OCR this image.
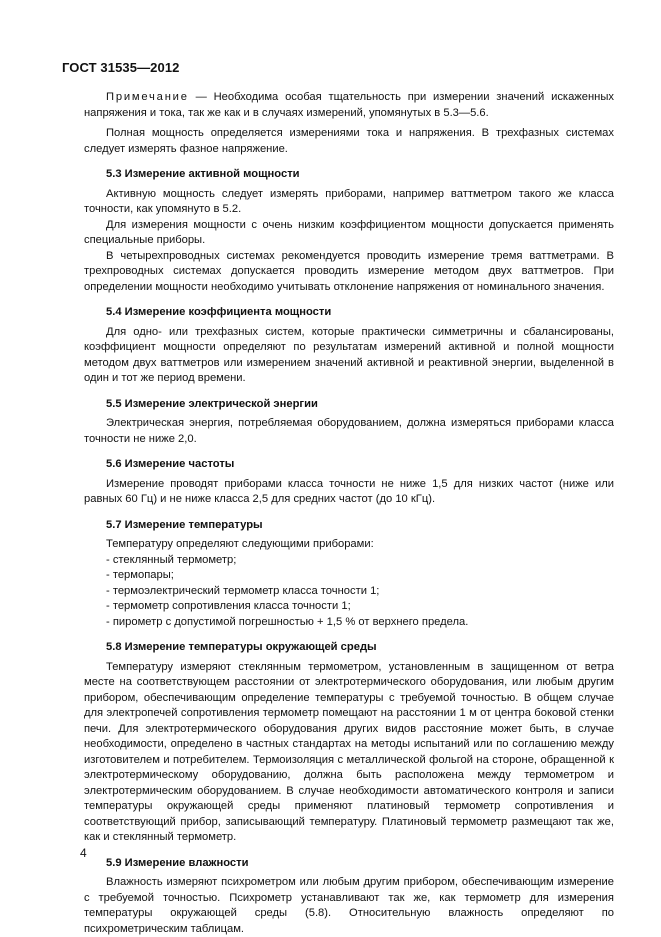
ГОСТ 31535—2012

Примечание — Необходима особая тщательность при измерении значений искаженных напряжения и тока, так же как и в случаях измерений, упомянутых в 5.3—5.6.

Полная мощность определяется измерениями тока и напряжения. В трехфазных системах следует измерять фазное напряжение.

5.3 Измерение активной мощности

Активную мощность следует измерять приборами, например ваттметром такого же класса точности, как упомянуто в 5.2.

Для измерения мощности с очень низким коэффициентом мощности допускается применять специальные приборы.

В четырехпроводных системах рекомендуется проводить измерение тремя ваттметрами. В трехпроводных системах допускается проводить измерение методом двух ваттметров. При определении мощности необходимо учитывать отклонение напряжения от номинального значения.

5.4 Измерение коэффициента мощности

Для одно- или трехфазных систем, которые практически симметричны и сбалансированы, коэффициент мощности определяют по результатам измерений активной и полной мощности методом двух ваттметров или измерением значений активной и реактивной энергии, выделенной в один и тот же период времени.

5.5 Измерение электрической энергии

Электрическая энергия, потребляемая оборудованием, должна измеряться приборами класса точности не ниже 2,0.

5.6 Измерение частоты

Измерение проводят приборами класса точности не ниже 1,5 для низких частот (ниже или равных 60 Гц) и не ниже класса 2,5 для средних частот (до 10 кГц).

5.7 Измерение температуры

Температуру определяют следующими приборами:

- стеклянный термометр;
- термопары;
- термоэлектрический термометр класса точности 1;
- термометр сопротивления класса точности 1;
- пирометр с допустимой погрешностью + 1,5 % от верхнего предела.
5.8 Измерение температуры окружающей среды

Температуру измеряют стеклянным термометром, установленным в защищенном от ветра месте на соответствующем расстоянии от электротермического оборудования, или любым другим прибором, обеспечивающим определение температуры с требуемой точностью. В общем случае для электропечей сопротивления термометр помещают на расстоянии 1 м от центра боковой стенки печи. Для электротермического оборудования других видов расстояние может быть, в случае необходимости, определено в частных стандартах на методы испытаний или по соглашению между изготовителем и потребителем. Термоизоляция с металлической фольгой на стороне, обращенной к электротермическому оборудованию, должна быть расположена между термометром и электротермическим оборудованием. В случае необходимости автоматического контроля и записи температуры окружающей среды применяют платиновый термометр сопротивления и соответствующий прибор, записывающий температуру. Платиновый термометр размещают так же, как и стеклянный термометр.

5.9 Измерение влажности

Влажность измеряют психрометром или любым другим прибором, обеспечивающим измерение с требуемой точностью. Психрометр устанавливают так же, как термометр для измерения температуры окружающей среды (5.8). Относительную влажность определяют по психрометрическим таблицам.

4
